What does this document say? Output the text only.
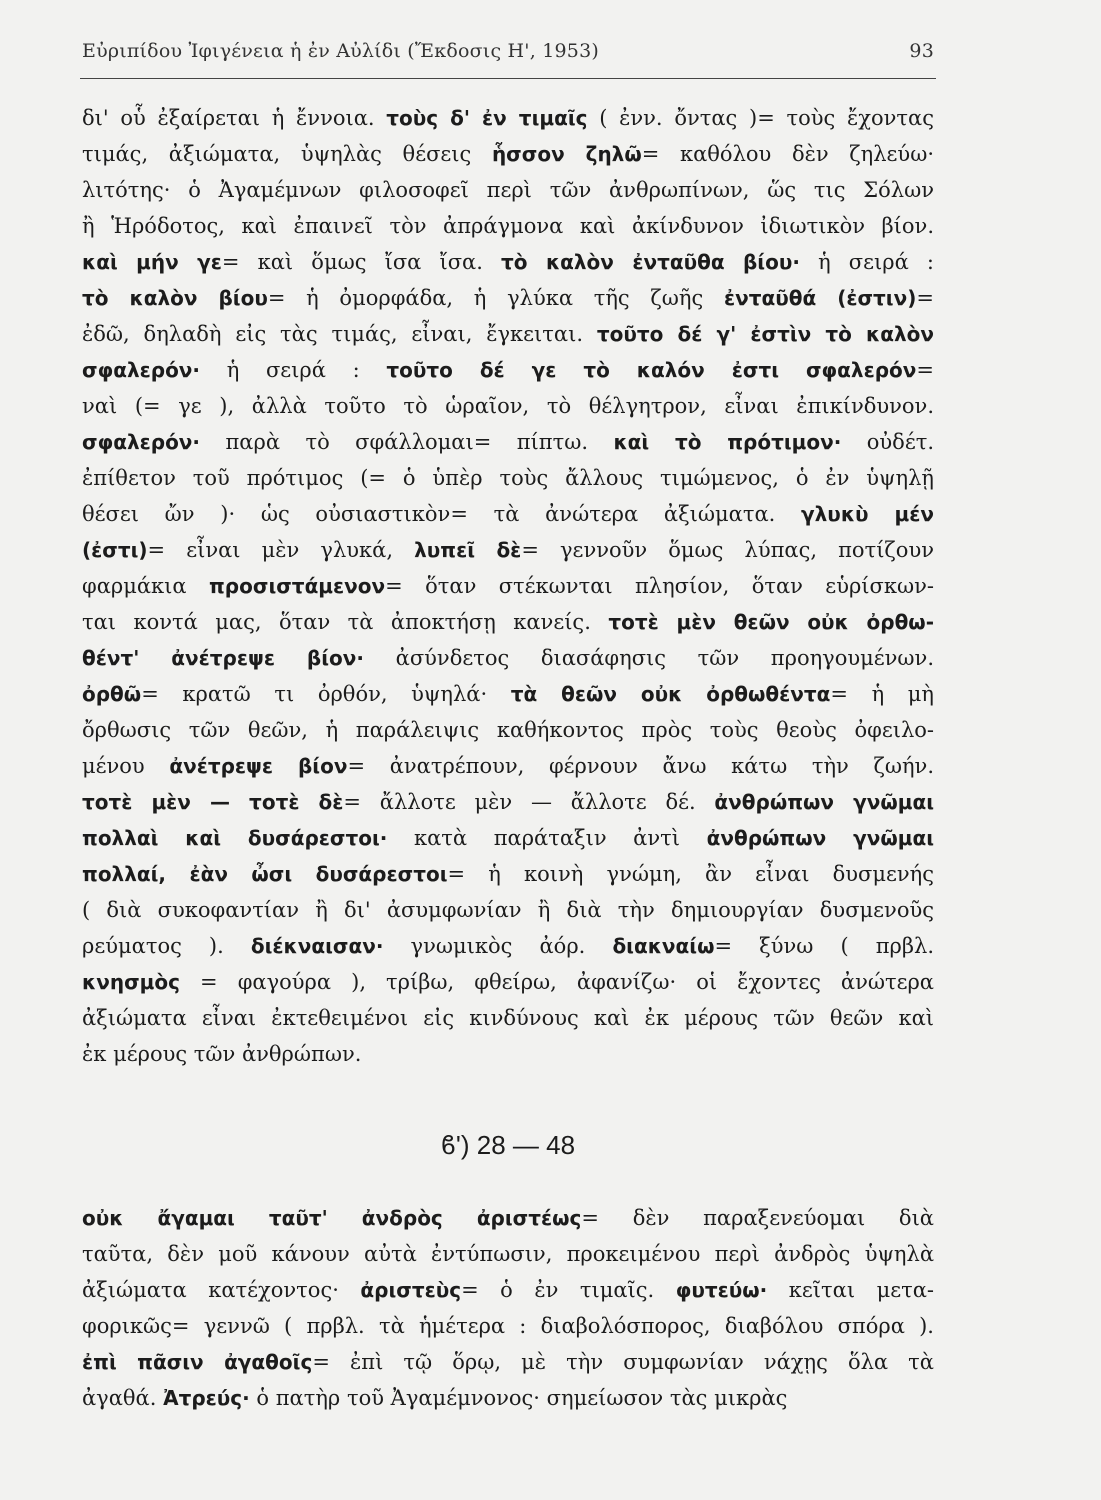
Εὐριπίδου Ἰφιγένεια ἡ ἐν Αὐλίδι (Ἔκδοσις Η', 1953)	93
δι' οὗ ἐξαίρεται ἡ ἔννοια. τοὺς δ' ἐν τιμαῖς ( ἐνν. ὄντας )= τοὺς ἔχοντας
τιμάς, ἀξιώματα, ὑψηλὰς θέσεις ἧσσον ζηλῶ= καθόλου δὲν ζηλεύω·
λιτότης· ὁ Ἀγαμέμνων φιλοσοφεῖ περὶ τῶν ἀνθρωπίνων, ὥς τις Σόλων
ἢ Ἡρόδοτος, καὶ ἐπαινεῖ τὸν ἀπράγμονα καὶ ἀκίνδυνον ἰδιωτικὸν βίον.
καὶ μήν γε= καὶ ὅμως ἴσα ἴσα. τὸ καλὸν ἐνταῦθα βίου· ἡ σειρά :
τὸ καλὸν βίου= ἡ ὀμορφάδα, ἡ γλύκα τῆς ζωῆς ἐνταῦθά (ἐστιν)=
ἐδῶ, δηλαδὴ εἰς τὰς τιμάς, εἶναι, ἔγκειται. τοῦτο δέ γ' ἐστὶν τὸ καλὸν
σφαλερόν· ἡ σειρά : τοῦτο δέ γε τὸ καλόν ἐστι σφαλερόν=
ναὶ (= γε ), ἀλλὰ τοῦτο τὸ ὡραῖον, τὸ θέλγητρον, εἶναι ἐπικίνδυνον.
σφαλερόν· παρὰ τὸ σφάλλομαι= πίπτω. καὶ τὸ πρότιμον· οὐδέτ.
ἐπίθετον τοῦ πρότιμος (= ὁ ὑπὲρ τοὺς ἄλλους τιμώμενος, ὁ ἐν ὑψηλῇ
θέσει ὤν )· ὡς οὐσιαστικὸν= τὰ ἀνώτερα ἀξιώματα. γλυκὺ μέν
(ἐστι)= εἶναι μὲν γλυκά, λυπεῖ δὲ= γεννοῦν ὅμως λύπας, ποτίζουν
φαρμάκια προσιστάμενον= ὅταν στέκωνται πλησίον, ὅταν εὑρίσκων-
ται κοντά μας, ὅταν τὰ ἀποκτήσῃ κανείς. τοτὲ μὲν θεῶν οὐκ ὀρθω-
θέντ' ἀνέτρεψε βίον· ἀσύνδετος διασάφησις τῶν προηγουμένων.
ὀρθῶ= κρατῶ τι ὀρθόν, ὑψηλά· τὰ θεῶν οὐκ ὀρθωθέντα= ἡ μὴ
ὄρθωσις τῶν θεῶν, ἡ παράλειψις καθήκοντος πρὸς τοὺς θεοὺς ὀφειλο-
μένου ἀνέτρεψε βίον= ἀνατρέπουν, φέρνουν ἄνω κάτω τὴν ζωήν.
τοτὲ μὲν — τοτὲ δὲ= ἄλλοτε μὲν — ἄλλοτε δέ. ἀνθρώπων γνῶμαι
πολλαὶ καὶ δυσάρεστοι· κατὰ παράταξιν ἀντὶ ἀνθρώπων γνῶμαι
πολλαί, ἐὰν ὦσι δυσάρεστοι= ἡ κοινὴ γνώμη, ἂν εἶναι δυσμενής
( διὰ συκοφαντίαν ἢ δι' ἀσυμφωνίαν ἢ διὰ τὴν δημιουργίαν δυσμενοῦς
ρεύματος ). διέκναισαν· γνωμικὸς ἀόρ. διακναίω= ξύνω ( πρβλ.
κνησμὸς = φαγούρα ), τρίβω, φθείρω, ἀφανίζω· οἱ ἔχοντες ἀνώτερα
ἀξιώματα εἶναι ἐκτεθειμένοι εἰς κινδύνους καὶ ἐκ μέρους τῶν θεῶν καὶ
ἐκ μέρους τῶν ἀνθρώπων.
ϐ') 28 — 48
οὐκ ἄγαμαι ταῦτ' ἀνδρὸς ἀριστέως= δὲν παραξενεύομαι διὰ
ταῦτα, δὲν μοῦ κάνουν αὐτὰ ἐντύπωσιν, προκειμένου περὶ ἀνδρὸς ὑψηλὰ
ἀξιώματα κατέχοντος· ἀριστεὺς= ὁ ἐν τιμαῖς. φυτεύω· κεῖται μετα-
φορικῶς= γεννῶ ( πρβλ. τὰ ἡμέτερα : διαβολόσπορος, διαβόλου σπόρα ).
ἐπὶ πᾶσιν ἀγαθοῖς= ἐπὶ τῷ ὅρῳ, μὲ τὴν συμφωνίαν νάχῃς ὅλα τὰ
ἀγαθά. Ἀτρεύς· ὁ πατὴρ τοῦ Ἀγαμέμνονος· σημείωσον τὰς μικρὰς
